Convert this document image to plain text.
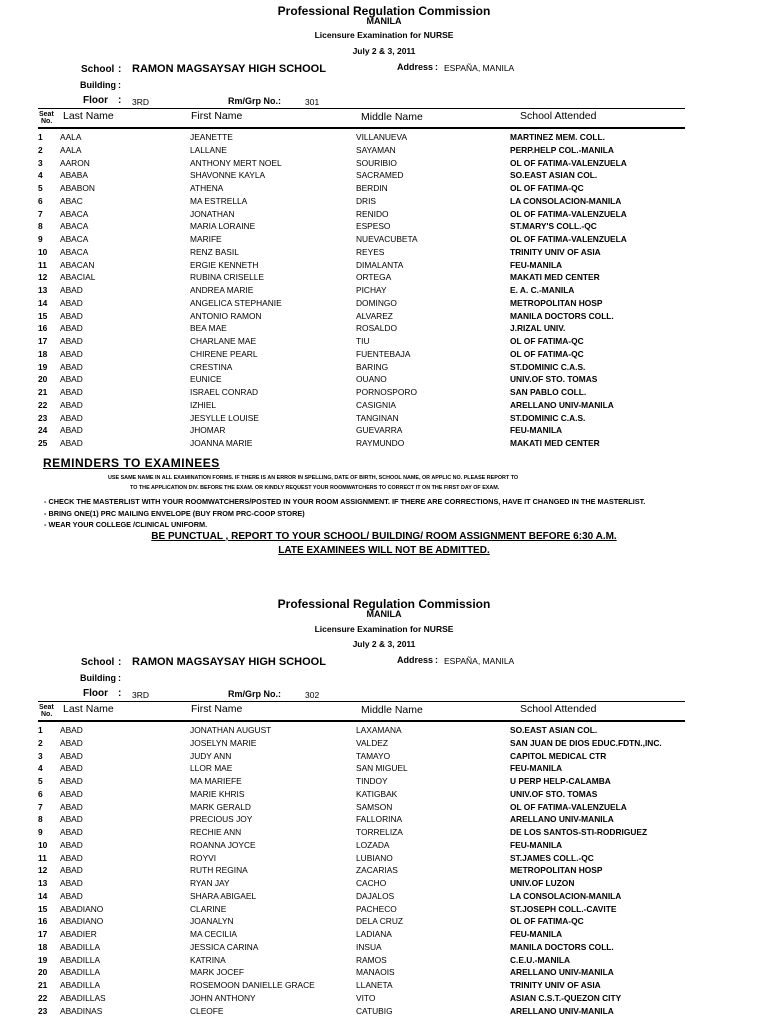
Professional Regulation Commission
MANILA
Licensure Examination for NURSE
July 2 & 3, 2011
School : RAMON MAGSAYSAY HIGH SCHOOL	Address : ESPAÑA, MANILA
Building :
Floor : 3RD	Rm/Grp No.:	301
Seat
No. Last Name	First Name	Middle Name	School Attended
1 AALA	JEANETTE	VILLANUEVA	MARTINEZ MEM. COLL.
2 AALA	LALLANE	SAYAMAN	PERP.HELP COL.-MANILA
3 AARON	ANTHONY MERT NOEL	SOURIBIO	OL OF FATIMA-VALENZUELA
4 ABABA	SHAVONNE KAYLA	SACRAMED	SO.EAST ASIAN COL.
5 ABABON	ATHENA	BERDIN	OL OF FATIMA-QC
6 ABAC	MA ESTRELLA	DRIS	LA CONSOLACION-MANILA
7 ABACA	JONATHAN	RENIDO	OL OF FATIMA-VALENZUELA
8 ABACA	MARIA LORAINE	ESPESO	ST.MARY'S COLL.-QC
9 ABACA	MARIFE	NUEVACUBETA	OL OF FATIMA-VALENZUELA
10 ABACA	RENZ BASIL	REYES	TRINITY UNIV OF ASIA
11 ABACAN	ERGIE KENNETH	DIMALANTA	FEU-MANILA
12 ABACIAL	RUBINA CRISELLE	ORTEGA	MAKATI MED CENTER
13 ABAD	ANDREA MARIE	PICHAY	E. A. C.-MANILA
14 ABAD	ANGELICA STEPHANIE	DOMINGO	METROPOLITAN HOSP
15 ABAD	ANTONIO RAMON	ALVAREZ	MANILA DOCTORS COLL.
16 ABAD	BEA MAE	ROSALDO	J.RIZAL UNIV.
17 ABAD	CHARLANE MAE	TIU	OL OF FATIMA-QC
18 ABAD	CHIRENE PEARL	FUENTEBAJA	OL OF FATIMA-QC
19 ABAD	CRESTINA	BARING	ST.DOMINIC C.A.S.
20 ABAD	EUNICE	OUANO	UNIV.OF STO. TOMAS
21 ABAD	ISRAEL CONRAD	PORNOSPORO	SAN PABLO COLL.
22 ABAD	IZHIEL	CASIGNIA	ARELLANO UNIV-MANILA
23 ABAD	JESYLLE LOUISE	TANGINAN	ST.DOMINIC C.A.S.
24 ABAD	JHOMAR	GUEVARRA	FEU-MANILA
25 ABAD	JOANNA MARIE	RAYMUNDO	MAKATI MED CENTER
REMINDERS TO EXAMINEES
USE SAME NAME IN ALL EXAMINATION FORMS. IF THERE IS AN ERROR IN SPELLING, DATE OF BIRTH, SCHOOL NAME, OR APPLIC NO. PLEASE REPORT TO
TO THE APPLICATION DIV. BEFORE THE EXAM. OR KINDLY REQUEST YOUR ROOMWATCHERS TO CORRECT IT ON THE FIRST DAY OF EXAM.
- CHECK THE MASTERLIST WITH YOUR ROOMWATCHERS/POSTED IN YOUR ROOM ASSIGNMENT. IF THERE ARE CORRECTIONS, HAVE IT CHANGED IN THE MASTERLIST.
- BRING ONE(1) PRC MAILING ENVELOPE (BUY FROM PRC-COOP STORE)
- WEAR YOUR COLLEGE /CLINICAL UNIFORM.
BE PUNCTUAL , REPORT TO YOUR SCHOOL/ BUILDING/ ROOM ASSIGNMENT BEFORE 6:30 A.M.
LATE EXAMINEES WILL NOT BE ADMITTED.
Professional Regulation Commission
MANILA
Licensure Examination for NURSE
July 2 & 3, 2011
School : RAMON MAGSAYSAY HIGH SCHOOL	Address : ESPAÑA, MANILA
Building :
Floor : 3RD	Rm/Grp No.:	302
Seat
No. Last Name	First Name	Middle Name	School Attended
1 ABAD	JONATHAN AUGUST	LAXAMANA	SO.EAST ASIAN COL.
2 ABAD	JOSELYN MARIE	VALDEZ	SAN JUAN DE DIOS EDUC.FDTN.,INC.
3 ABAD	JUDY ANN	TAMAYO	CAPITOL MEDICAL CTR
4 ABAD	LLOR MAE	SAN MIGUEL	FEU-MANILA
5 ABAD	MA MARIEFE	TINDOY	U PERP HELP-CALAMBA
6 ABAD	MARIE KHRIS	KATIGBAK	UNIV.OF STO. TOMAS
7 ABAD	MARK GERALD	SAMSON	OL OF FATIMA-VALENZUELA
8 ABAD	PRECIOUS JOY	FALLORINA	ARELLANO UNIV-MANILA
9 ABAD	RECHIE ANN	TORRELIZA	DE LOS SANTOS-STI-RODRIGUEZ
10 ABAD	ROANNA JOYCE	LOZADA	FEU-MANILA
11 ABAD	ROYVI	LUBIANO	ST.JAMES COLL.-QC
12 ABAD	RUTH REGINA	ZACARIAS	METROPOLITAN HOSP
13 ABAD	RYAN JAY	CACHO	UNIV.OF LUZON
14 ABAD	SHARA ABIGAEL	DAJALOS	LA CONSOLACION-MANILA
15 ABADIANO	CLARINE	PACHECO	ST.JOSEPH COLL.-CAVITE
16 ABADIANO	JOANALYN	DELA CRUZ	OL OF FATIMA-QC
17 ABADIER	MA CECILIA	LADIANA	FEU-MANILA
18 ABADILLA	JESSICA CARINA	INSUA	MANILA DOCTORS COLL.
19 ABADILLA	KATRINA	RAMOS	C.E.U.-MANILA
20 ABADILLA	MARK JOCEF	MANAOIS	ARELLANO UNIV-MANILA
21 ABADILLA	ROSEMOON DANIELLE GRACE	LLANETA	TRINITY UNIV OF ASIA
22 ABADILLAS	JOHN ANTHONY	VITO	ASIAN C.S.T.-QUEZON CITY
23 ABADINAS	CLEOFE	CATUBIG	ARELLANO UNIV-MANILA
